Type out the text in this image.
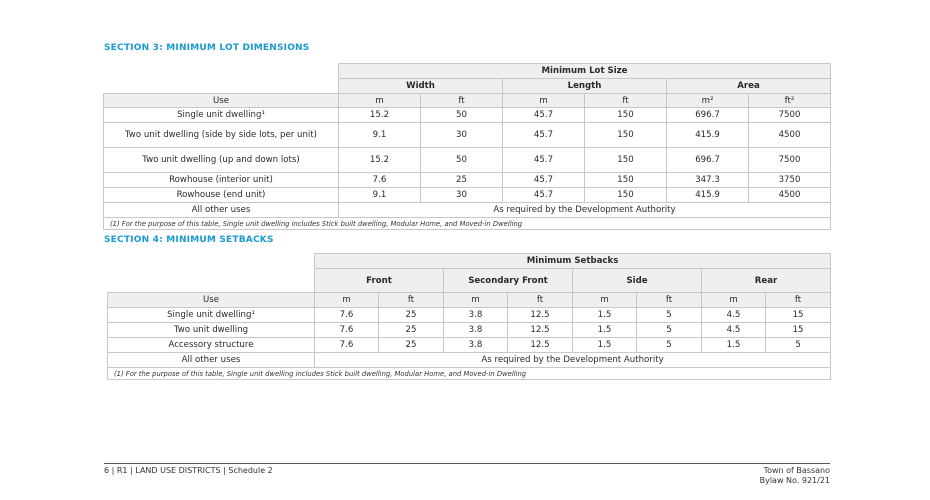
SECTION 3: MINIMUM LOT DIMENSIONS
	Minimum Lot Size					
	Width		Length		Area	
Use	m	ft	m	ft	m²	ft²
Single unit dwelling¹	15.2	50	45.7	150	696.7	7500
Two unit dwelling (side by side lots, per unit)	9.1	30	45.7	150	415.9	4500
Two unit dwelling (up and down lots)	15.2	50	45.7	150	696.7	7500
Rowhouse (interior unit)	7.6	25	45.7	150	347.3	3750
Rowhouse (end unit)	9.1	30	45.7	150	415.9	4500
All other uses	As required by the Development Authority					
(1) For the purpose of this table, Single unit dwelling includes Stick built dwelling, Modular Home, and Moved-in Dwelling						
SECTION 4: MINIMUM SETBACKS
	Minimum Setbacks							
	Front		Secondary Front		Side		Rear	
Use	m	ft	m	ft	m	ft	m	ft
Single unit dwelling¹	7.6	25	3.8	12.5	1.5	5	4.5	15
Two unit dwelling	7.6	25	3.8	12.5	1.5	5	4.5	15
Accessory structure	7.6	25	3.8	12.5	1.5	5	1.5	5
All other uses	As required by the Development Authority							
(1) For the purpose of this table, Single unit dwelling includes Stick built dwelling, Modular Home, and Moved-in Dwelling								
6 | R1 | LAND USE DISTRICTS | Schedule 2	Town of Bassano
Bylaw No. 921/21
